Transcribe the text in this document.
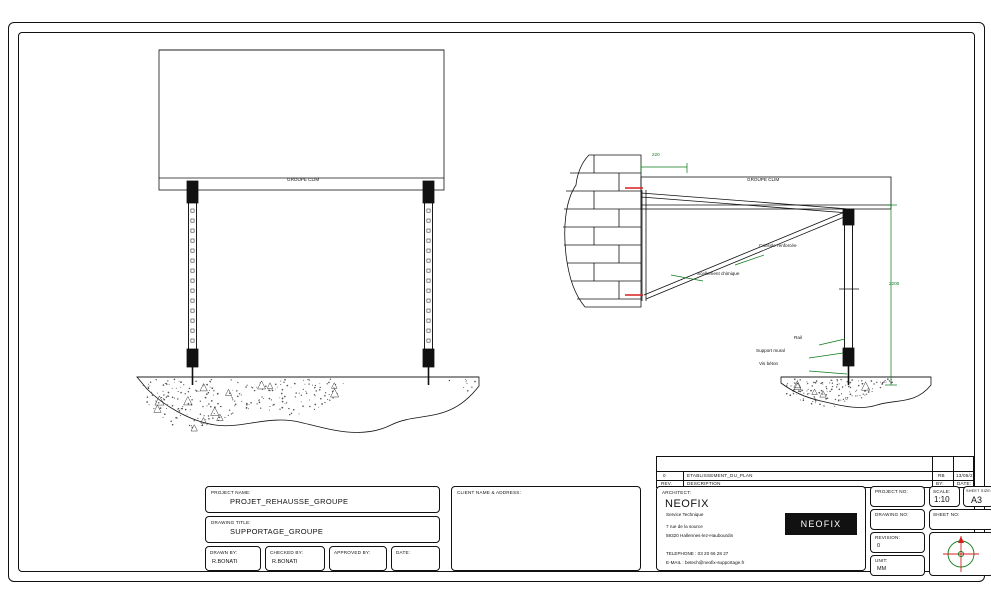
GROUPE CLIM	GROUPE CLIM
220
2200
Console renforcée
Scellement chimique
Rail
Support mural
Vis béton
REV.	DESCRIPTION	BY:	DATE:
0	ETABLISSEMENT_DU_PLAN	RB 13/05/22
PROJECT NAME:
PROJET_REHAUSSE_GROUPE
DRAWING TITLE:
SUPPORTAGE_GROUPE
DRAWN BY:
R.BONATI
CHECKED BY:
R.BONATI
APPROVED BY:	DATE:
CLIENT NAME & ADDRESS:	ARCHITECT:
NEOFIX
Service Technique
7 rue de la source
59320 Hallennes-lez-Haubourdin
TELEPHONE : 03 20 66 28 27
E-MAIL : betech@neofix-supportage.fr
NEOFIX
PROJECT NO:
DRAWING NO:
REVISION:
0
UNIT:
MM
SCALE:
1:10
SHEET SIZE:
A3
SHEET NO:
